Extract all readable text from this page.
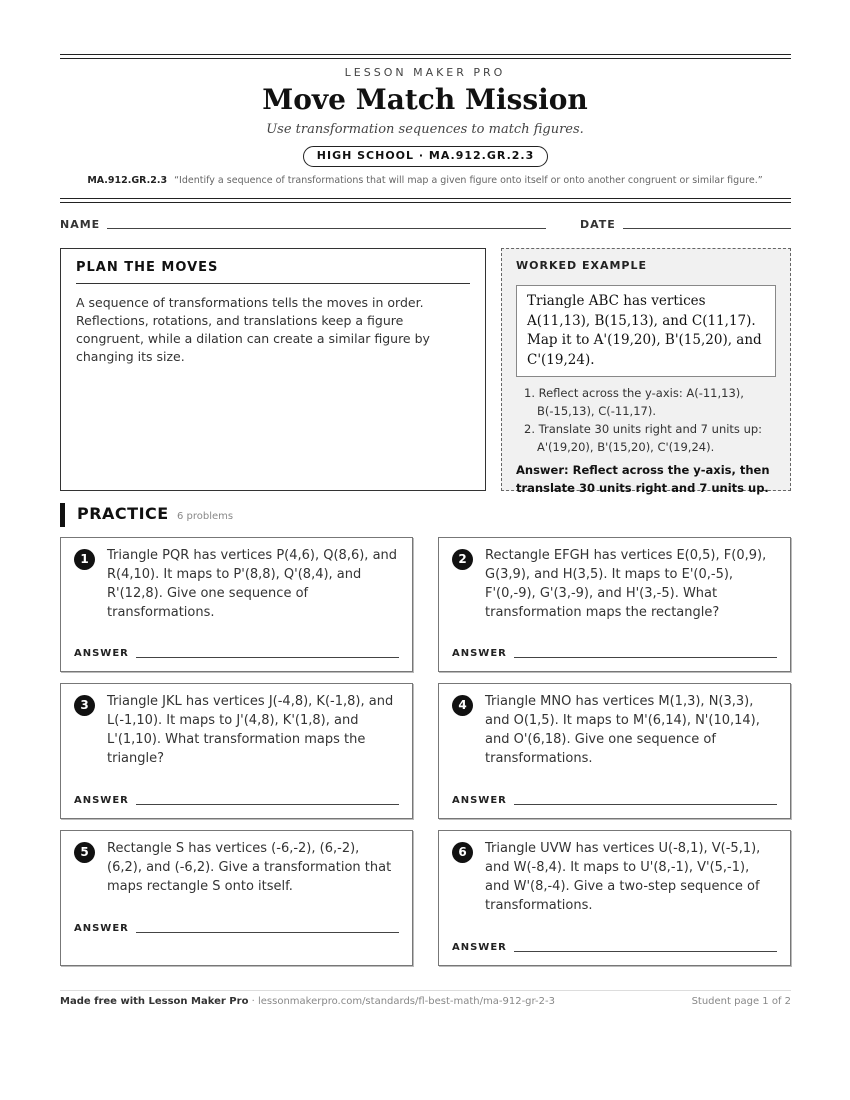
LESSON MAKER PRO
Move Match Mission
Use transformation sequences to match figures.
HIGH SCHOOL · MA.912.GR.2.3
MA.912.GR.2.3 “Identify a sequence of transformations that will map a given figure onto itself or onto another congruent or similar figure.”
NAME	DATE
PLAN THE MOVES
A sequence of transformations tells the moves in order. Reflections, rotations, and translations keep a figure congruent, while a dilation can create a similar figure by changing its size.
WORKED EXAMPLE
Triangle ABC has vertices A(11,13), B(15,13), and C(11,17). Map it to A'(19,20), B'(15,20), and C'(19,24).
1. Reflect across the y-axis: A(-11,13), B(-15,13), C(-11,17).
2. Translate 30 units right and 7 units up: A'(19,20), B'(15,20), C'(19,24).
Answer: Reflect across the y-axis, then translate 30 units right and 7 units up.
PRACTICE 6 problems
1	Triangle PQR has vertices P(4,6), Q(8,6), and R(4,10). It maps to P'(8,8), Q'(8,4), and R'(12,8). Give one sequence of transformations.
ANSWER
2	Rectangle EFGH has vertices E(0,5), F(0,9), G(3,9), and H(3,5). It maps to E'(0,-5), F'(0,-9), G'(3,-9), and H'(3,-5). What transformation maps the rectangle?
ANSWER
3	Triangle JKL has vertices J(-4,8), K(-1,8), and L(-1,10). It maps to J'(4,8), K'(1,8), and L'(1,10). What transformation maps the triangle?
ANSWER
4	Triangle MNO has vertices M(1,3), N(3,3), and O(1,5). It maps to M'(6,14), N'(10,14), and O'(6,18). Give one sequence of transformations.
ANSWER
5	Rectangle S has vertices (-6,-2), (6,-2), (6,2), and (-6,2). Give a transformation that maps rectangle S onto itself.
ANSWER
6	Triangle UVW has vertices U(-8,1), V(-5,1), and W(-8,4). It maps to U'(8,-1), V'(5,-1), and W'(8,-4). Give a two-step sequence of transformations.
ANSWER
Made free with Lesson Maker Pro · lessonmakerpro.com/standards/fl-best-math/ma-912-gr-2-3	Student page 1 of 2
